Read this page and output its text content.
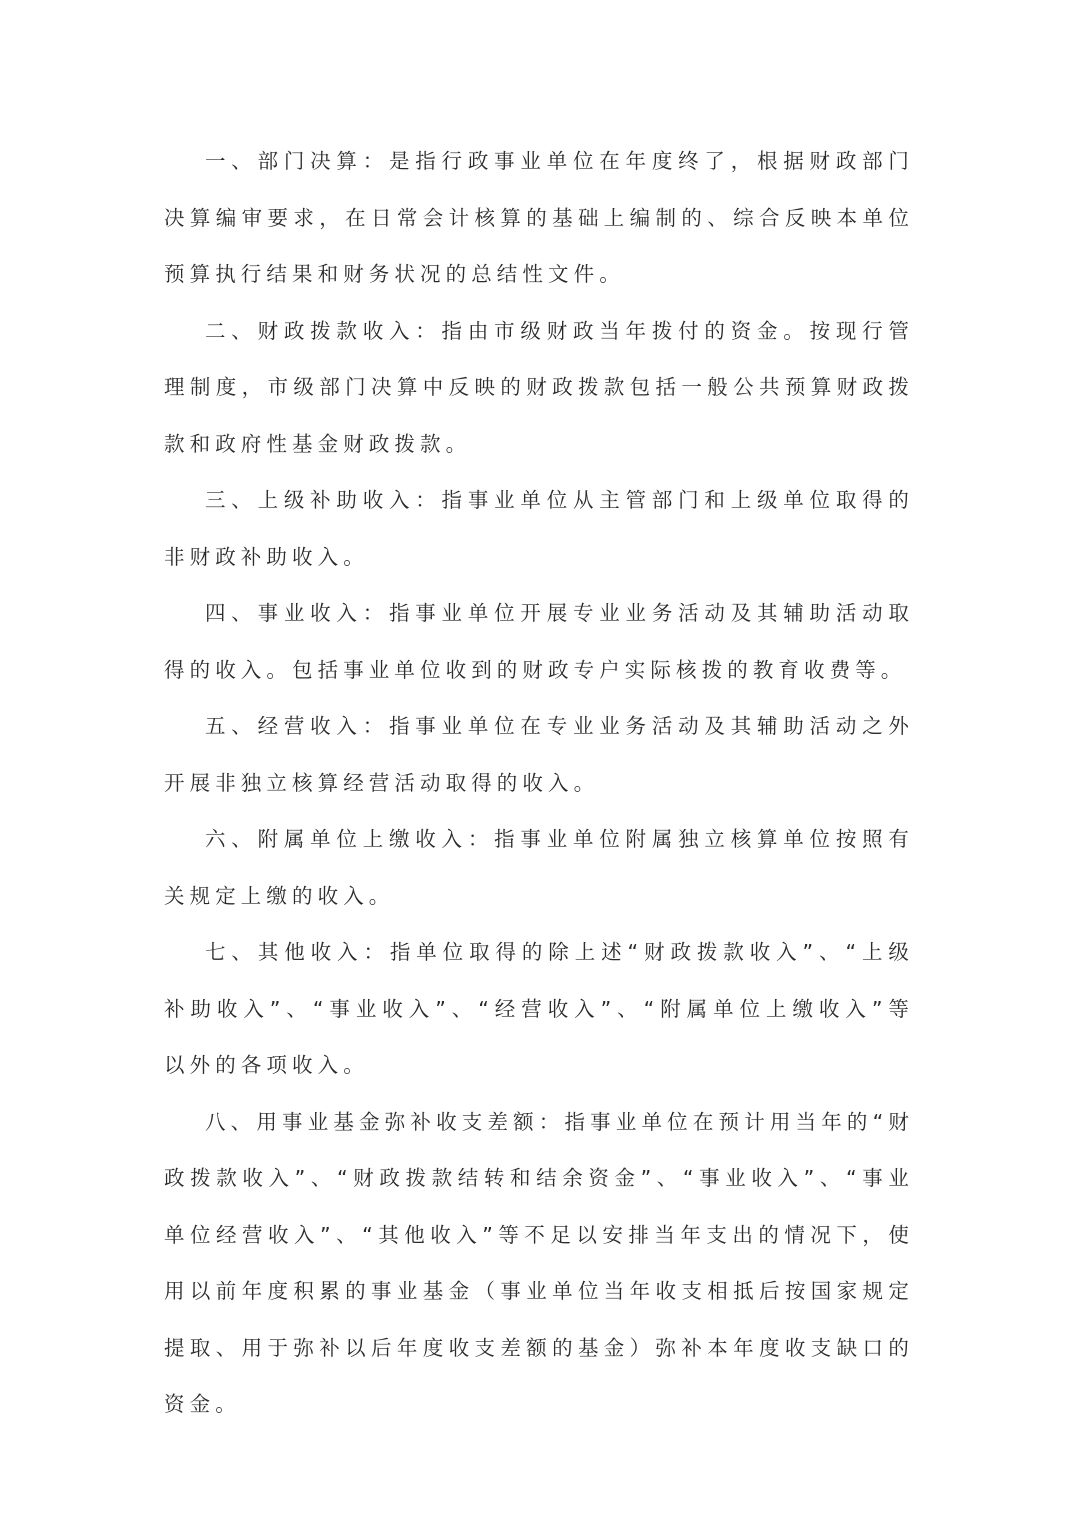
一、部门决算：是指行政事业单位在年度终了，根据财政部门决算编审要求，在日常会计核算的基础上编制的、综合反映本单位预算执行结果和财务状况的总结性文件。

二、财政拨款收入：指由市级财政当年拨付的资金。按现行管理制度，市级部门决算中反映的财政拨款包括一般公共预算财政拨款和政府性基金财政拨款。

三、上级补助收入：指事业单位从主管部门和上级单位取得的非财政补助收入。

四、事业收入：指事业单位开展专业业务活动及其辅助活动取得的收入。包括事业单位收到的财政专户实际核拨的教育收费等。

五、经营收入：指事业单位在专业业务活动及其辅助活动之外开展非独立核算经营活动取得的收入。

六、附属单位上缴收入：指事业单位附属独立核算单位按照有关规定上缴的收入。

七、其他收入：指单位取得的除上述“财政拨款收入”、“上级补助收入”、“事业收入”、“经营收入”、“附属单位上缴收入”等以外的各项收入。

八、用事业基金弥补收支差额：指事业单位在预计用当年的“财政拨款收入”、“财政拨款结转和结余资金”、“事业收入”、“事业单位经营收入”、“其他收入”等不足以安排当年支出的情况下，使用以前年度积累的事业基金（事业单位当年收支相抵后按国家规定提取、用于弥补以后年度收支差额的基金）弥补本年度收支缺口的资金。
